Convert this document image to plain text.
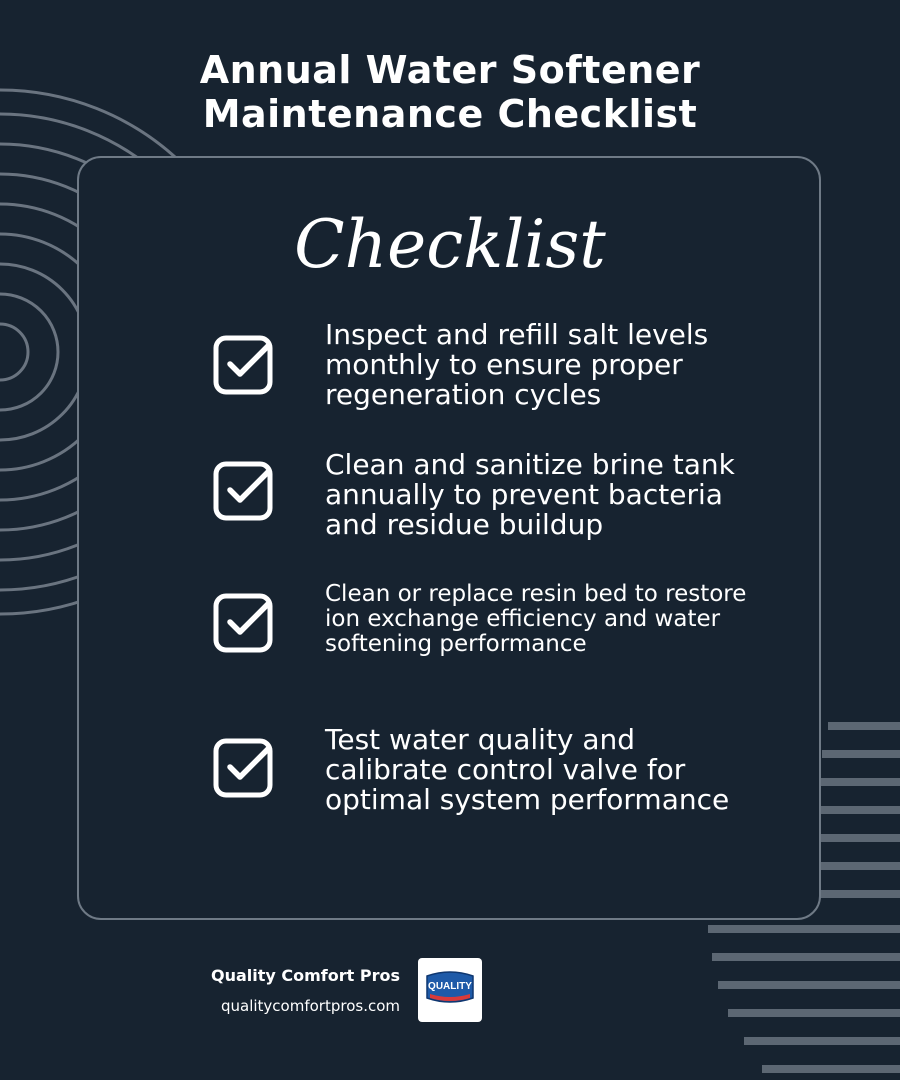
Annual Water Softener
Maintenance Checklist
Checklist
Inspect and refill salt levels monthly to ensure proper regeneration cycles
Clean and sanitize brine tank annually to prevent bacteria and residue buildup
Clean or replace resin bed to restore ion exchange efficiency and water softening performance
Test water quality and calibrate control valve for optimal system performance
Quality Comfort Pros
qualitycomfortpros.com
QUALITY
